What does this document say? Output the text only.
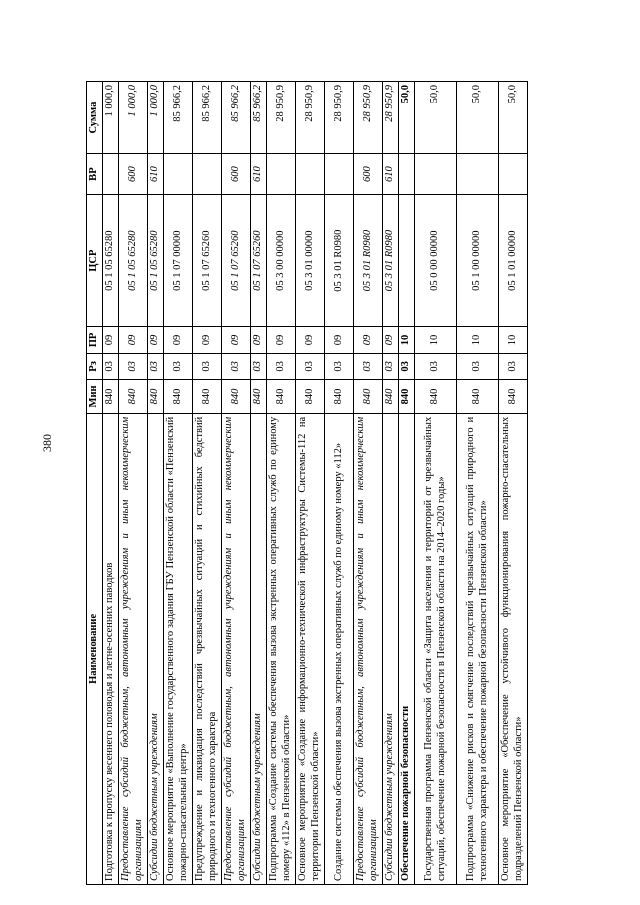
380
Наименование	Мин	Рз	ПР	ЦСР	ВР	Сумма
Подготовка к пропуску весеннего половодья и летне-осенних паводков	840	03	09	05 1 05 65280		1 000,0
Предоставление субсидий бюджетным, автономным учреждениям и иным некоммерческим организациям	840	03	09	05 1 05 65280	600	1 000,0
Субсидии бюджетным учреждениям	840	03	09	05 1 05 65280	610	1 000,0
Основное мероприятие «Выполнение государственного задания ГБУ Пензенской области «Пензенский пожарно-спасательный центр»	840	03	09	05 1 07 00000		85 966,2
Предупреждение и ликвидация последствий чрезвычайных ситуаций и стихийных бедствий природного и техногенного характера	840	03	09	05 1 07 65260		85 966,2
Предоставление субсидий бюджетным, автономным учреждениям и иным некоммерческим организациям	840	03	09	05 1 07 65260	600	85 966,2
Субсидии бюджетным учреждениям	840	03	09	05 1 07 65260	610	85 966,2
Подпрограмма «Создание системы обеспечения вызова экстренных оперативных служб по единому номеру «112» в Пензенской области»	840	03	09	05 3 00 00000		28 950,9
Основное мероприятие «Создание информационно-технической инфраструктуры Системы-112 на территории Пензенской области»	840	03	09	05 3 01 00000		28 950,9
Создание системы обеспечения вызова экстренных оперативных служб по единому номеру «112»	840	03	09	05 3 01 R0980		28 950,9
Предоставление субсидий бюджетным, автономным учреждениям и иным некоммерческим организациям	840	03	09	05 3 01 R0980	600	28 950,9
Субсидии бюджетным учреждениям	840	03	09	05 3 01 R0980	610	28 950,9
Обеспечение пожарной безопасности	840	03	10			50,0
Государственная программа Пензенской области «Защита населения и территорий от чрезвычайных ситуаций, обеспечение пожарной безопасности в Пензенской области на 2014–2020 годы»	840	03	10	05 0 00 00000		50,0
Подпрограмма «Снижение рисков и смягчение последствий чрезвычайных ситуаций природного и техногенного характера и обеспечение пожарной безопасности Пензенской области»	840	03	10	05 1 00 00000		50,0
Основное мероприятие «Обеспечение устойчивого функционирования пожарно-спасательных подразделений Пензенской области»	840	03	10	05 1 01 00000		50,0
